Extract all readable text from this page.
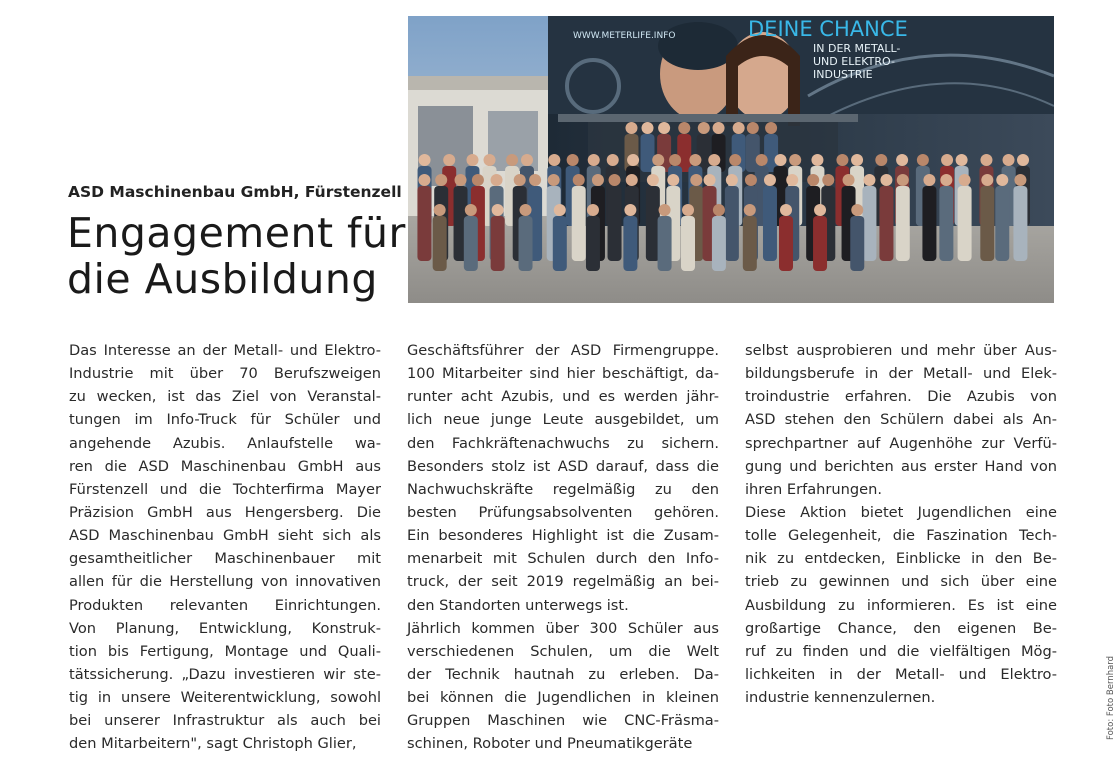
ASD Maschinenbau GmbH, Fürstenzell
Engagement für
die Ausbildung
WWW.METERLIFE.INFO	DEINE CHANCE
IN DER METALL-
UND ELEKTRO-
INDUSTRIE
Das Interesse an der Metall- und Elektro-
Industrie mit über 70 Berufszweigen
zu wecken, ist das Ziel von Veranstal-
tungen im Info-Truck für Schüler und
angehende Azubis. Anlaufstelle wa-
ren die ASD Maschinenbau GmbH aus
Fürstenzell und die Tochterfirma Mayer
Präzision GmbH aus Hengersberg. Die
ASD Maschinenbau GmbH sieht sich als
gesamtheitlicher Maschinenbauer mit
allen für die Herstellung von innovativen
Produkten relevanten Einrichtungen.
Von Planung, Entwicklung, Konstruk-
tion bis Fertigung, Montage und Quali-
tätssicherung. „Dazu investieren wir ste-
tig in unsere Weiterentwicklung, sowohl
bei unserer Infrastruktur als auch bei
den Mitarbeitern", sagt Christoph Glier,
Geschäftsführer der ASD Firmengruppe.
100 Mitarbeiter sind hier beschäftigt, da-
runter acht Azubis, und es werden jähr-
lich neue junge Leute ausgebildet, um
den Fachkräftenachwuchs zu sichern.
Besonders stolz ist ASD darauf, dass die
Nachwuchskräfte regelmäßig zu den
besten Prüfungsabsolventen gehören.
Ein besonderes Highlight ist die Zusam-
menarbeit mit Schulen durch den Info-
truck, der seit 2019 regelmäßig an bei-
den Standorten unterwegs ist.
Jährlich kommen über 300 Schüler aus
verschiedenen Schulen, um die Welt
der Technik hautnah zu erleben. Da-
bei können die Jugendlichen in kleinen
Gruppen Maschinen wie CNC-Fräsma-
schinen, Roboter und Pneumatikgeräte
selbst ausprobieren und mehr über Aus-
bildungsberufe in der Metall- und Elek-
troindustrie erfahren. Die Azubis von
ASD stehen den Schülern dabei als An-
sprechpartner auf Augenhöhe zur Verfü-
gung und berichten aus erster Hand von
ihren Erfahrungen.
Diese Aktion bietet Jugendlichen eine
tolle Gelegenheit, die Faszination Tech-
nik zu entdecken, Einblicke in den Be-
trieb zu gewinnen und sich über eine
Ausbildung zu informieren. Es ist eine
großartige Chance, den eigenen Be-
ruf zu finden und die vielfältigen Mög-
lichkeiten in der Metall- und Elektro-
industrie kennenzulernen.	Foto: Foto Bernhard
